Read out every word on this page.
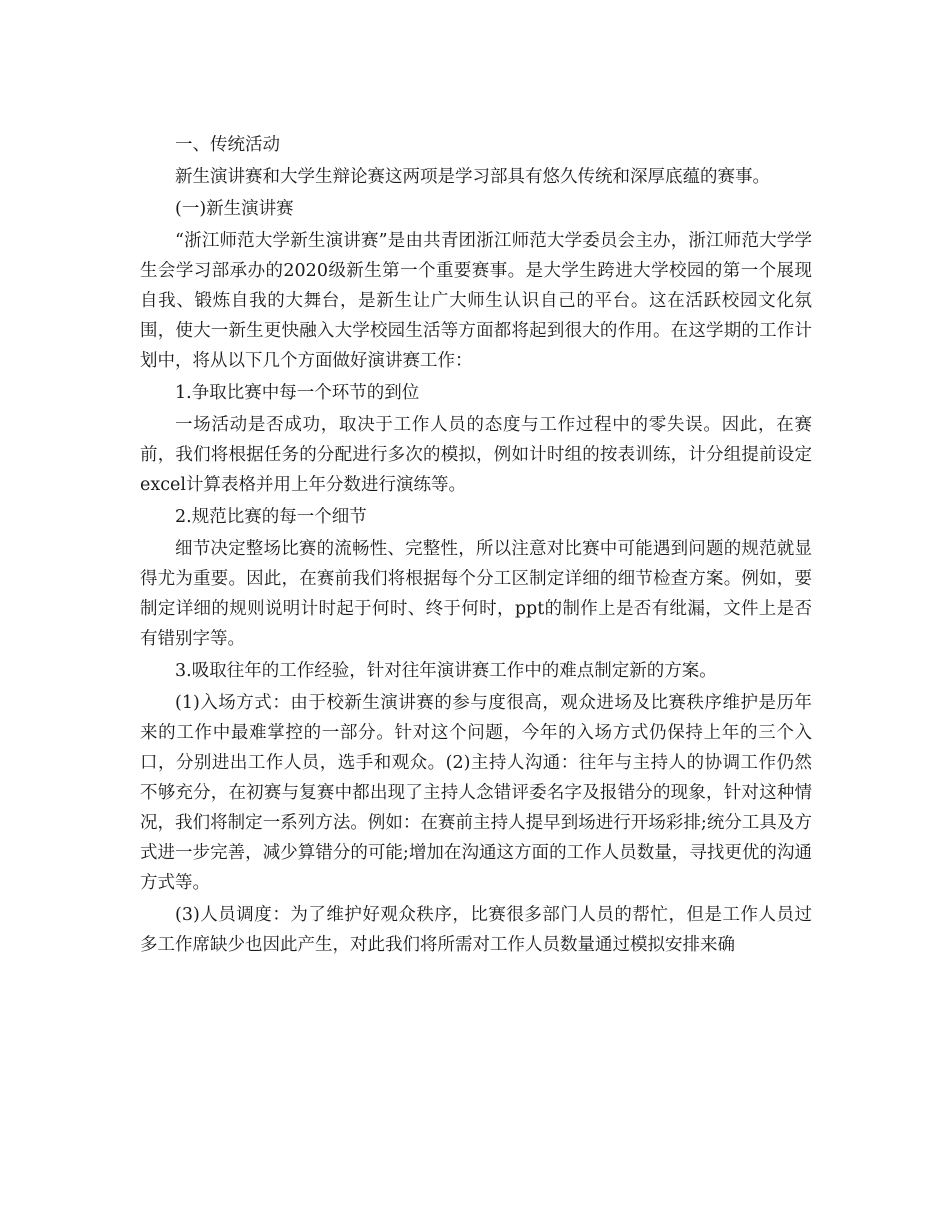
一、传统活动

新生演讲赛和大学生辩论赛这两项是学习部具有悠久传统和深厚底蕴的赛事。

(一)新生演讲赛

“浙江师范大学新生演讲赛”是由共青团浙江师范大学委员会主办，浙江师范大学学生会学习部承办的2020级新生第一个重要赛事。是大学生跨进大学校园的第一个展现自我、锻炼自我的大舞台，是新生让广大师生认识自己的平台。这在活跃校园文化氛围，使大一新生更快融入大学校园生活等方面都将起到很大的作用。在这学期的工作计划中，将从以下几个方面做好演讲赛工作：

1.争取比赛中每一个环节的到位

一场活动是否成功，取决于工作人员的态度与工作过程中的零失误。因此，在赛前，我们将根据任务的分配进行多次的模拟，例如计时组的按表训练，计分组提前设定excel计算表格并用上年分数进行演练等。

2.规范比赛的每一个细节

细节决定整场比赛的流畅性、完整性，所以注意对比赛中可能遇到问题的规范就显得尤为重要。因此，在赛前我们将根据每个分工区制定详细的细节检查方案。例如，要制定详细的规则说明计时起于何时、终于何时，ppt的制作上是否有纰漏，文件上是否有错别字等。

3.吸取往年的工作经验，针对往年演讲赛工作中的难点制定新的方案。

(1)入场方式：由于校新生演讲赛的参与度很高，观众进场及比赛秩序维护是历年来的工作中最难掌控的一部分。针对这个问题，今年的入场方式仍保持上年的三个入口，分别进出工作人员，选手和观众。(2)主持人沟通：往年与主持人的协调工作仍然不够充分，在初赛与复赛中都出现了主持人念错评委名字及报错分的现象，针对这种情况，我们将制定一系列方法。例如：在赛前主持人提早到场进行开场彩排;统分工具及方式进一步完善，减少算错分的可能;增加在沟通这方面的工作人员数量，寻找更优的沟通方式等。

(3)人员调度：为了维护好观众秩序，比赛很多部门人员的帮忙，但是工作人员过多工作席缺少也因此产生，对此我们将所需对工作人员数量通过模拟安排来确
